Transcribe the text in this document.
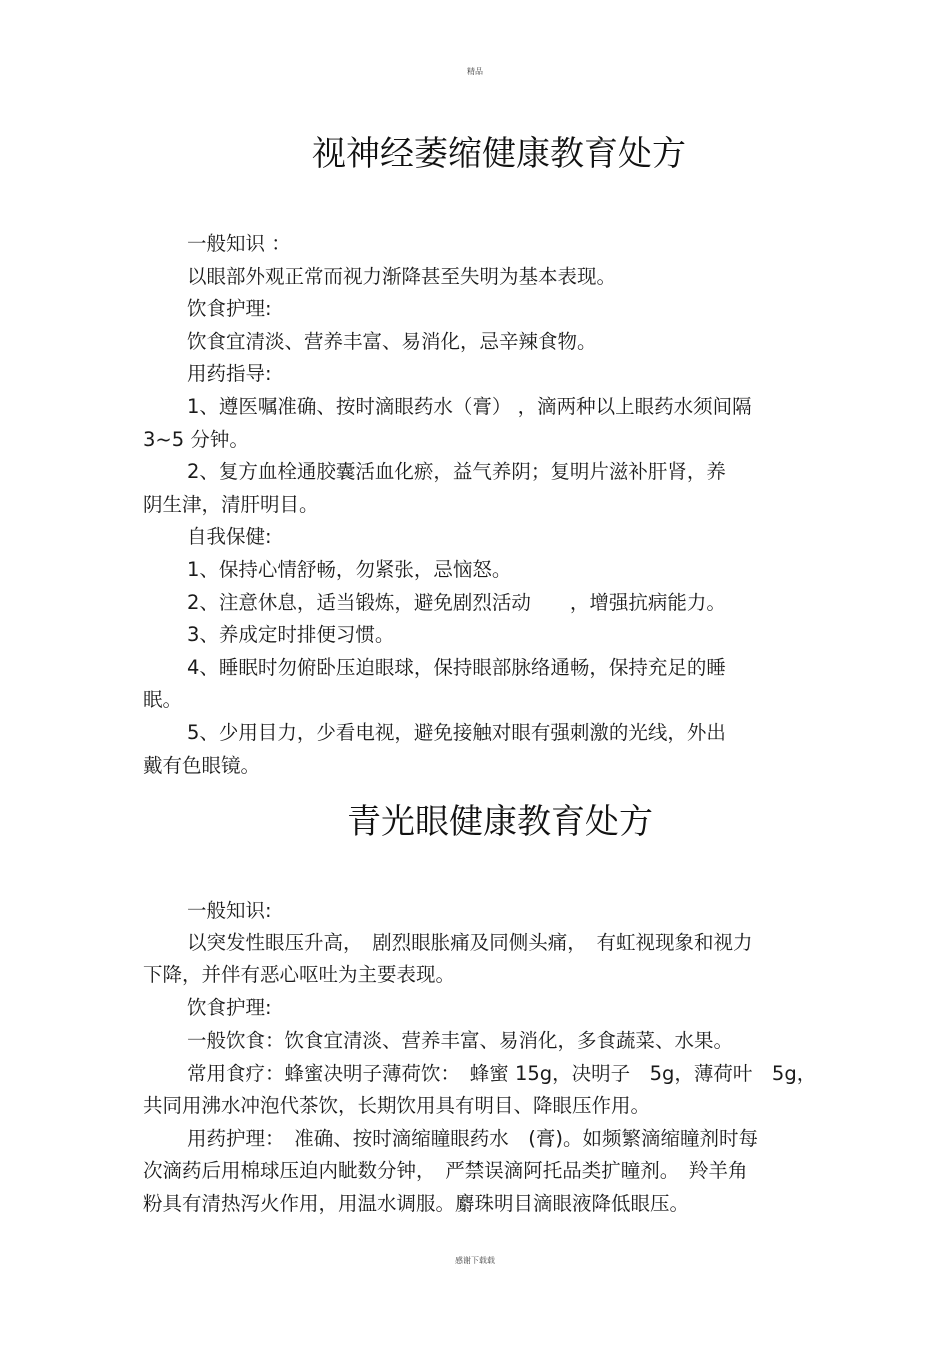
精品
视神经萎缩健康教育处方
一般知识 ：
以眼部外观正常而视力渐降甚至失明为基本表现。
饮食护理:
饮食宜清淡、营养丰富、易消化，忌辛辣食物。
用药指导:
1、遵医嘱准确、按时滴眼药水（膏） ，滴两种以上眼药水须间隔
3~5 分钟。
2、复方血栓通胶囊活血化瘀，益气养阴；复明片滋补肝肾，养
阴生津，清肝明目。
自我保健:
1、保持心情舒畅，勿紧张，忌恼怒。
2、注意休息，适当锻炼，避免剧烈活动　　，增强抗病能力。
3、养成定时排便习惯。
4、睡眠时勿俯卧压迫眼球，保持眼部脉络通畅，保持充足的睡
眠。
5、少用目力，少看电视，避免接触对眼有强刺激的光线，外出
戴有色眼镜。
青光眼健康教育处方
一般知识:
以突发性眼压升高，　剧烈眼胀痛及同侧头痛，　有虹视现象和视力
下降，并伴有恶心呕吐为主要表现。
饮食护理:
一般饮食：饮食宜清淡、营养丰富、易消化，多食蔬菜、水果。
常用食疗：蜂蜜决明子薄荷饮：　蜂蜜 15g，决明子　5g，薄荷叶　5g，
共同用沸水冲泡代茶饮，长期饮用具有明目、降眼压作用。
用药护理：　准确、按时滴缩瞳眼药水　(膏)。如频繁滴缩瞳剂时每
次滴药后用棉球压迫内眦数分钟，　严禁误滴阿托品类扩瞳剂。　羚羊角
粉具有清热泻火作用，用温水调服。麝珠明目滴眼液降低眼压。
感谢下载载
